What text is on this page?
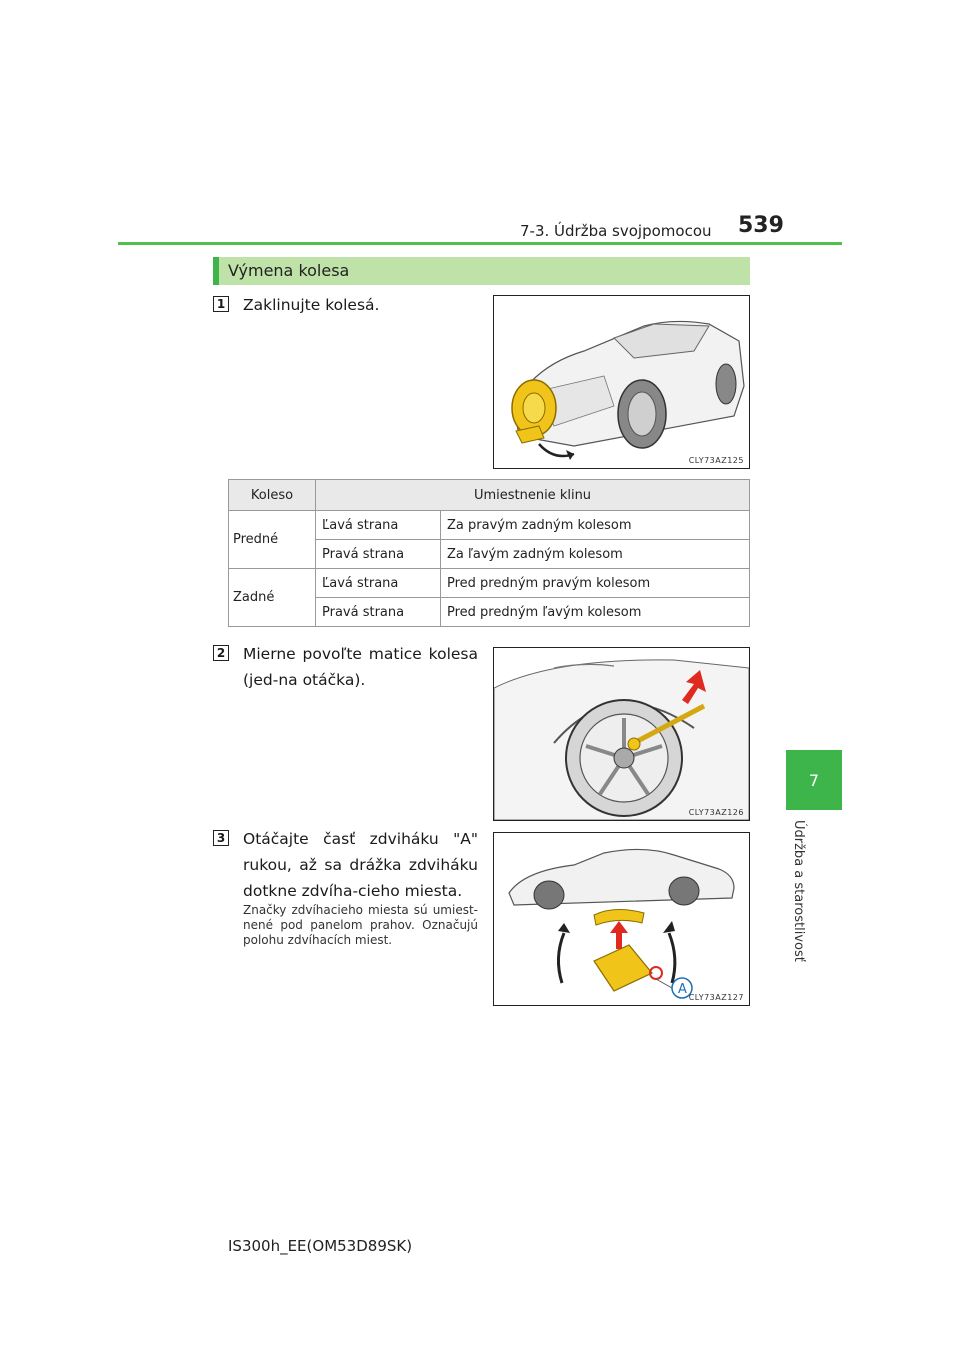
7-3. Údržba svojpomocou 539
7
Údržba a starostlivosť
Výmena kolesa
1 Zaklinujte kolesá.
CLY73AZ125
Koleso	Umiestnenie klinu	
Predné	Ľavá strana	Za pravým zadným kolesom
	Pravá strana	Za ľavým zadným kolesom
Zadné	Ľavá strana	Pred predným pravým kolesom
	Pravá strana	Pred predným ľavým kolesom
2 Mierne povoľte matice kolesa (jed-na otáčka).
CLY73AZ126
3 Otáčajte časť zdviháku "A" rukou, až sa drážka zdviháku dotkne zdvíha-cieho miesta.
Značky zdvíhacieho miesta sú umiest-nené pod panelom prahov. Označujú polohu zdvíhacích miest.
A
CLY73AZ127
IS300h_EE(OM53D89SK)
